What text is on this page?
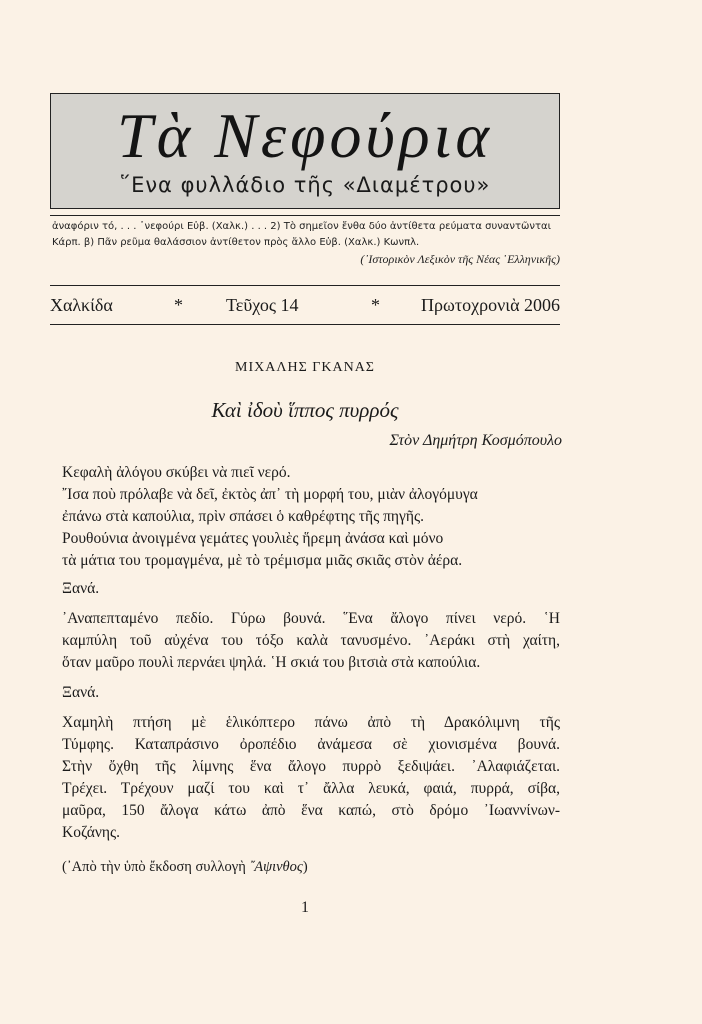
Τὰ Νεφούρια
῞Ενα φυλλάδιο τῆς «Διαμέτρου»
ἀναφόριν τό, . . . ᾽νεφούρι Εὐβ. (Χαλκ.) . . . 2) Τὸ σημεῖον ἔνθα δύο ἀντίθετα ρεύματα συναντῶνται
Κάρπ. β) Πᾶν ρεῦμα θαλάσσιον ἀντίθετον πρὸς ἄλλο Εὐβ. (Χαλκ.) Κωνπλ.
(᾽Ιστορικὸν Λεξικὸν τῆς Νέας ῾Ελληνικῆς)
Χαλκίδα	* Τεῦχος 14	* Πρωτοχρονιὰ 2006
ΜΙΧΑΛΗΣ ΓΚΑΝΑΣ
Καὶ ἰδοὺ ἵππος πυρρός
Στὸν Δημήτρη Κοσμόπουλο
Κεφαλὴ ἀλόγου σκύβει νὰ πιεῖ νερό.
῎Ισα ποὺ πρόλαβε νὰ δεῖ, ἐκτὸς ἀπ᾽ τὴ μορφή του, μιὰν ἀλογόμυγα
ἐπάνω στὰ καπούλια, πρὶν σπάσει ὁ καθρέφτης τῆς πηγῆς.
Ρουθούνια ἀνοιγμένα γεμάτες γουλιὲς ἥρεμη ἀνάσα καὶ μόνο
τὰ μάτια του τρομαγμένα, μὲ τὸ τρέμισμα μιᾶς σκιᾶς στὸν ἀέρα.
Ξανά.
᾽Αναπεπταμένο πεδίο. Γύρω βουνά. ῞Ενα ἄλογο πίνει νερό. ῾Η
καμπύλη τοῦ αὐχένα του τόξο καλὰ τανυσμένο. ᾽Αεράκι στὴ χαίτη,
ὅταν μαῦρο πουλὶ περνάει ψηλά. ῾Η σκιά του βιτσιὰ στὰ καπούλια.
Ξανά.
Χαμηλὴ πτήση μὲ ἑλικόπτερο πάνω ἀπὸ τὴ Δρακόλιμνη τῆς
Τύμφης. Καταπράσινο ὀροπέδιο ἀνάμεσα σὲ χιονισμένα βουνά.
Στὴν ὄχθη τῆς λίμνης ἕνα ἄλογο πυρρὸ ξεδιψάει. ᾽Αλαφιάζεται.
Τρέχει. Τρέχουν μαζί του καὶ τ᾽ ἄλλα λευκά, φαιά, πυρρά, σίβα,
μαῦρα, 150 ἄλογα κάτω ἀπὸ ἕνα καπώ, στὸ δρόμο ᾽Ιωαννίνων-
Κοζάνης.
(᾽Απὸ τὴν ὑπὸ ἔκδοση συλλογὴ ῎Αψινθος)
1
